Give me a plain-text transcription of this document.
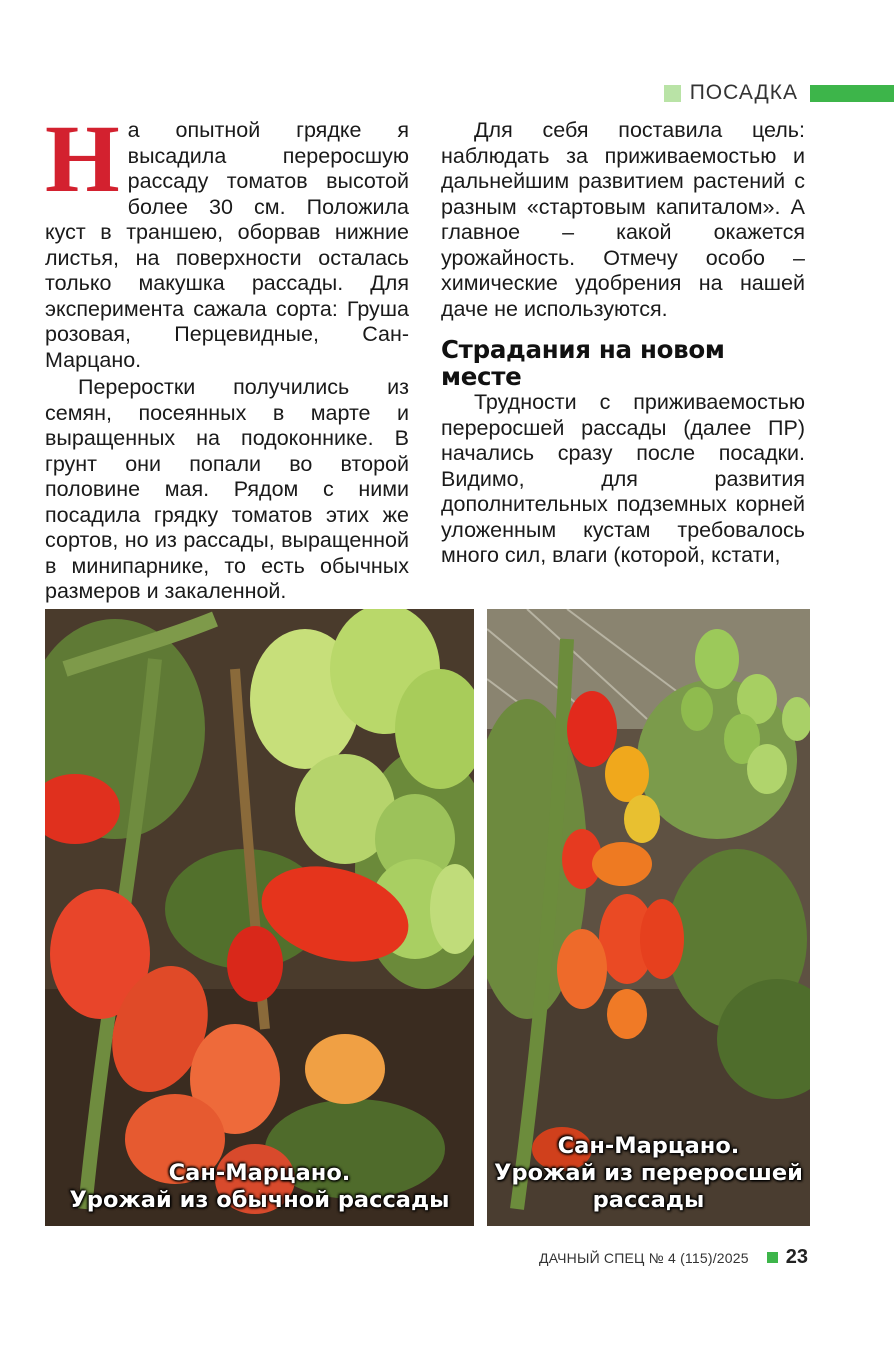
ПОСАДКА

На опытной грядке я высадила переросшую рассаду томатов высотой более 30 см. Положила куст в траншею, оборвав нижние листья, на поверхности осталась только макушка рассады. Для эксперимента сажала сорта: Груша розовая, Перцевидные, Сан-Марцано.

Переростки получились из семян, посеянных в марте и выращенных на подоконнике. В грунт они попали во второй половине мая. Рядом с ними посадила грядку томатов этих же сортов, но из рассады, выращенной в минипарнике, то есть обычных размеров и закаленной.

Для себя поставила цель: наблюдать за приживаемостью и дальнейшим развитием растений с разным «стартовым капиталом». А главное – какой окажется урожайность. Отмечу особо – химические удобрения на нашей даче не используются.

Страдания на новом месте

Трудности с приживаемостью переросшей рассады (далее ПР) начались сразу после посадки. Видимо, для развития дополнительных подземных корней уложенным кустам требовалось много сил, влаги (которой, кстати,

Сан-Марцано.
Урожай из обычной рассады
Сан-Марцано.
Урожай из переросшей
рассады
ДАЧНЫЙ СПЕЦ № 4 (115)/2025 23
